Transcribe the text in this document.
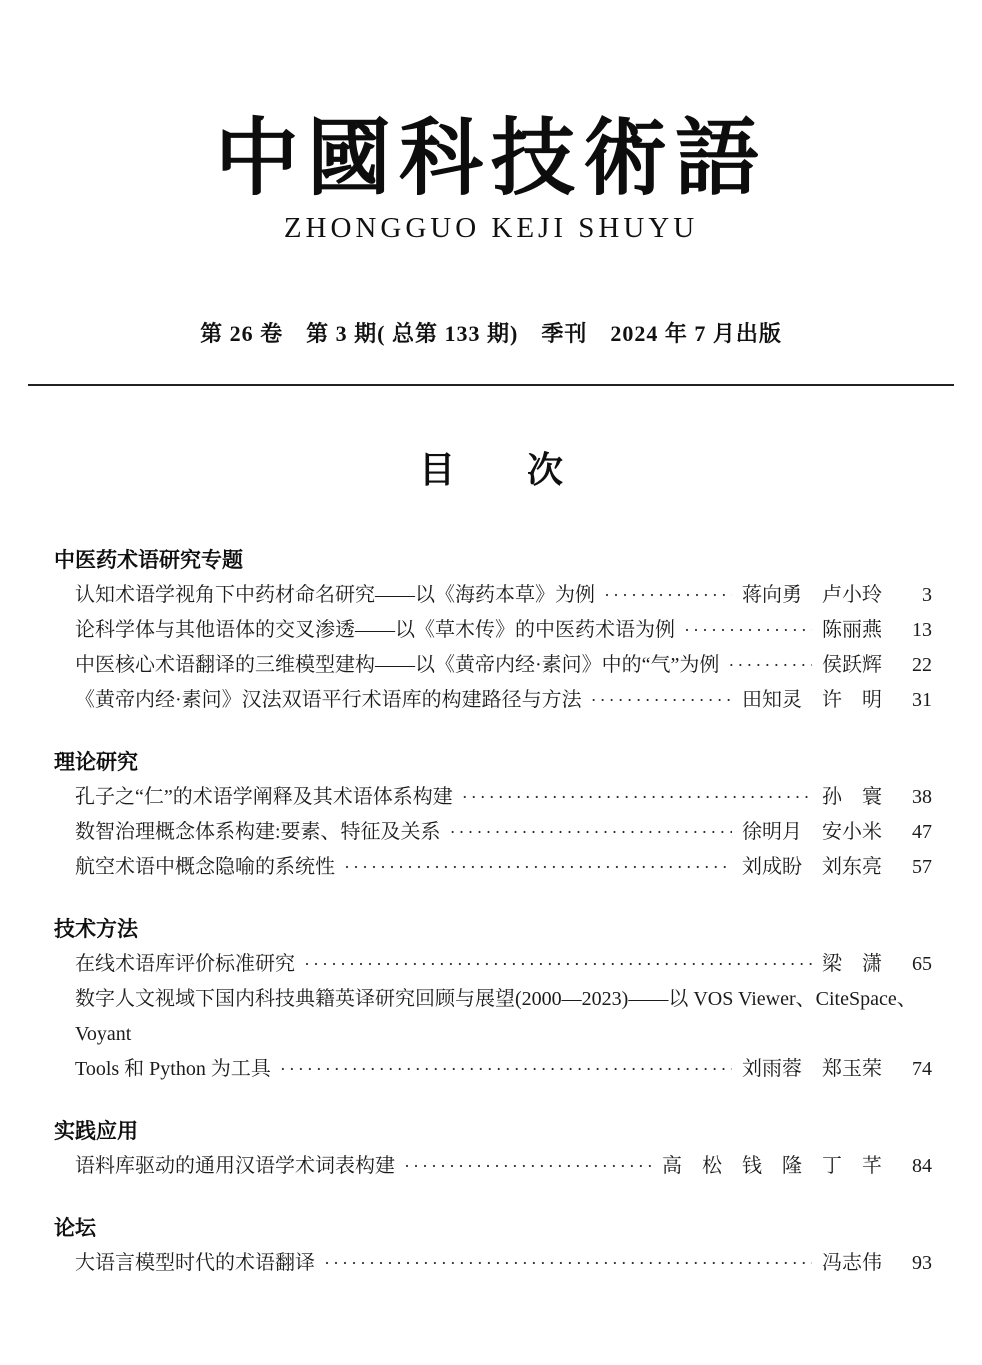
中國科技術語
ZHONGGUO KEJI SHUYU
第 26 卷　第 3 期( 总第 133 期)　季刊　2024 年 7 月出版
目　　次
中医药术语研究专题
认知术语学视角下中药材命名研究——以《海药本草》为例 ·····	蒋向勇　卢小玲	3
论科学体与其他语体的交叉渗透——以《草木传》的中医药术语为例 ·····	陈丽燕	13
中医核心术语翻译的三维模型建构——以《黄帝内经·素问》中的“气”为例 ·····	侯跃辉	22
《黄帝内经·素问》汉法双语平行术语库的构建路径与方法 ·····	田知灵　许　明	31
理论研究
孔子之“仁”的术语学阐释及其术语体系构建 ·····	孙　寰	38
数智治理概念体系构建:要素、特征及关系 ·····	徐明月　安小米	47
航空术语中概念隐喻的系统性 ·····	刘成盼　刘东亮	57
技术方法
在线术语库评价标准研究 ·····	梁　潇	65
数字人文视域下国内科技典籍英译研究回顾与展望(2000—2023)——以 VOS Viewer、CiteSpace、Voyant
Tools 和 Python 为工具 ·····	刘雨蓉　郑玉荣	74
实践应用
语料库驱动的通用汉语学术词表构建 ·····	高　松　钱　隆　丁　芊	84
论坛
大语言模型时代的术语翻译 ·····	冯志伟	93
